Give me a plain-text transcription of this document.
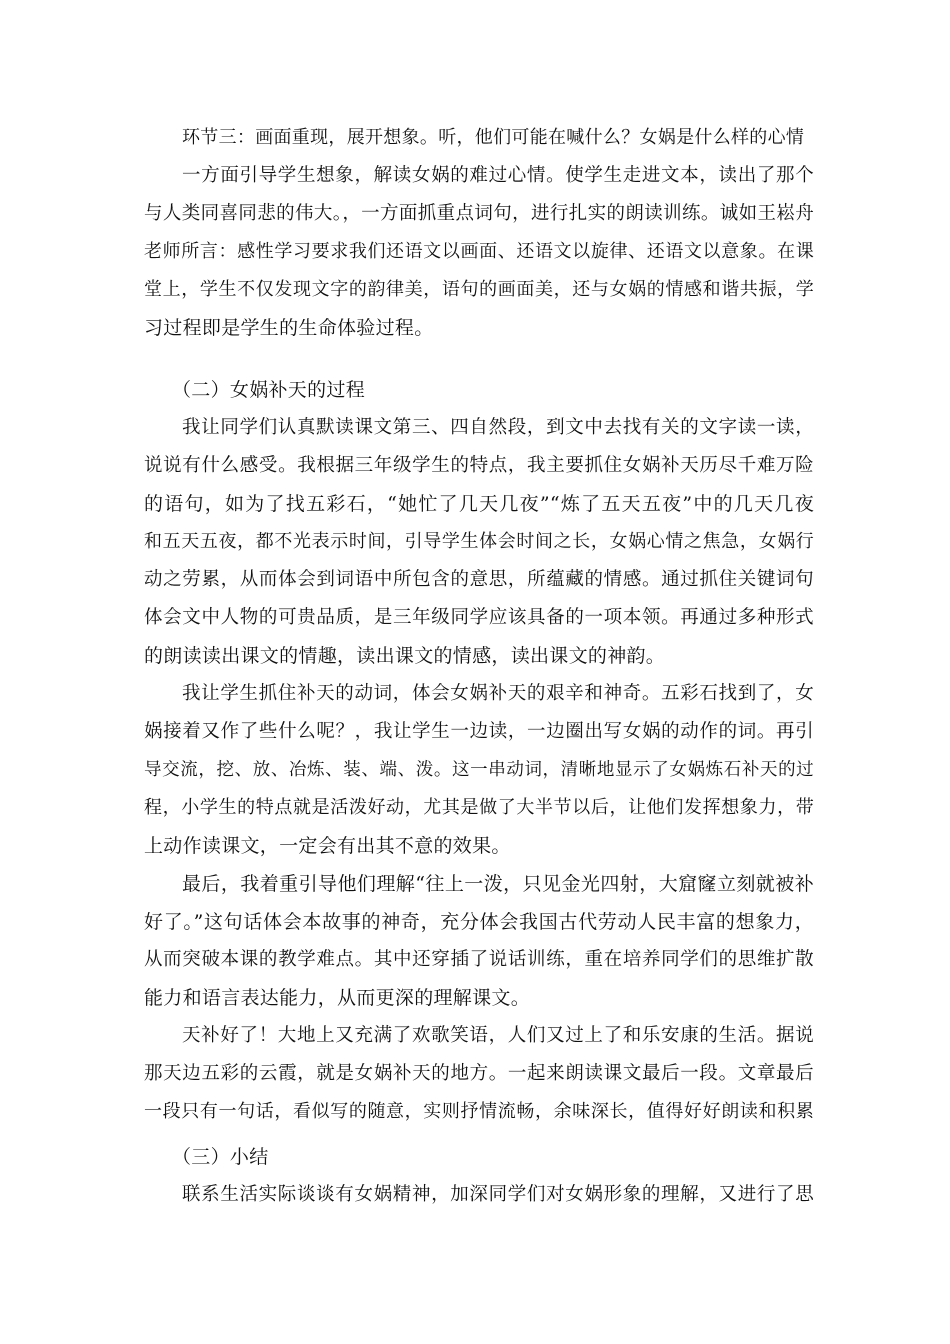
环节三：画面重现，展开想象。听，他们可能在喊什么？女娲是什么样的心情
一方面引导学生想象，解读女娲的难过心情。使学生走进文本，读出了那个
与人类同喜同悲的伟大。，一方面抓重点词句，进行扎实的朗读训练。诚如王崧舟
老师所言：感性学习要求我们还语文以画面、还语文以旋律、还语文以意象。在课
堂上，学生不仅发现文字的韵律美，语句的画面美，还与女娲的情感和谐共振，学
习过程即是学生的生命体验过程。
（二）女娲补天的过程
我让同学们认真默读课文第三、四自然段，到文中去找有关的文字读一读，
说说有什么感受。我根据三年级学生的特点，我主要抓住女娲补天历尽千难万险
的语句，如为了找五彩石，“她忙了几天几夜”“炼了五天五夜”中的几天几夜
和五天五夜，都不光表示时间，引导学生体会时间之长，女娲心情之焦急，女娲行
动之劳累，从而体会到词语中所包含的意思，所蕴藏的情感。通过抓住关键词句
体会文中人物的可贵品质，是三年级同学应该具备的一项本领。再通过多种形式
的朗读读出课文的情趣，读出课文的情感，读出课文的神韵。
我让学生抓住补天的动词，体会女娲补天的艰辛和神奇。五彩石找到了，女
娲接着又作了些什么呢？，我让学生一边读，一边圈出写女娲的动作的词。再引
导交流，挖、放、冶炼、装、端、泼。这一串动词，清晰地显示了女娲炼石补天的过
程，小学生的特点就是活泼好动，尤其是做了大半节以后，让他们发挥想象力，带
上动作读课文，一定会有出其不意的效果。
最后，我着重引导他们理解“往上一泼，只见金光四射，大窟窿立刻就被补
好了。”这句话体会本故事的神奇，充分体会我国古代劳动人民丰富的想象力，
从而突破本课的教学难点。其中还穿插了说话训练，重在培养同学们的思维扩散
能力和语言表达能力，从而更深的理解课文。
天补好了！大地上又充满了欢歌笑语，人们又过上了和乐安康的生活。据说
那天边五彩的云霞，就是女娲补天的地方。一起来朗读课文最后一段。文章最后
一段只有一句话，看似写的随意，实则抒情流畅，余味深长，值得好好朗读和积累
（三）小结
联系生活实际谈谈有女娲精神，加深同学们对女娲形象的理解，又进行了思
